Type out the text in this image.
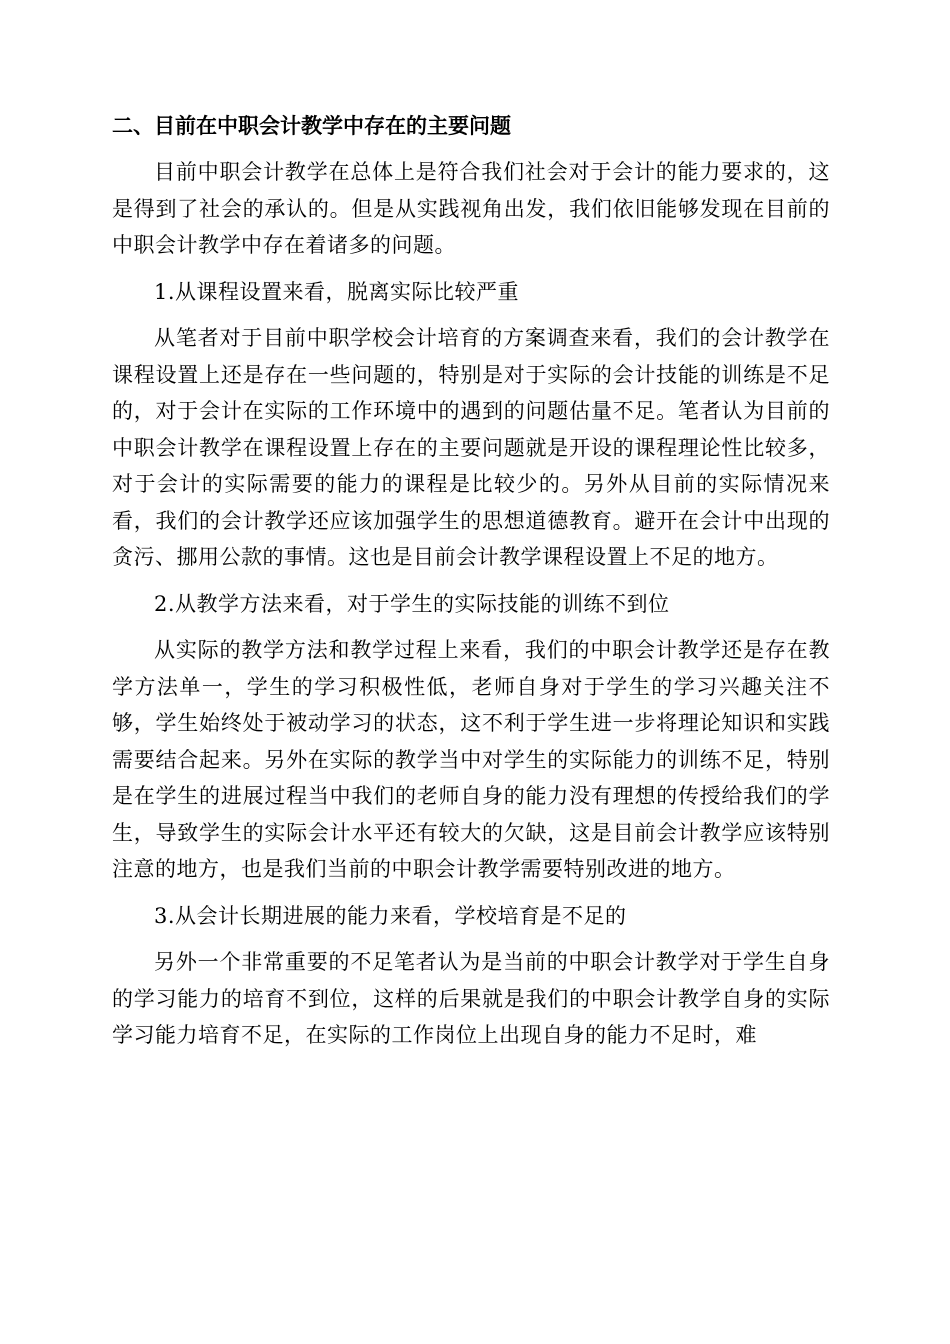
二、目前在中职会计教学中存在的主要问题

目前中职会计教学在总体上是符合我们社会对于会计的能力要求的，这是得到了社会的承认的。但是从实践视角出发，我们依旧能够发现在目前的中职会计教学中存在着诸多的问题。

1.从课程设置来看，脱离实际比较严重

从笔者对于目前中职学校会计培育的方案调查来看，我们的会计教学在课程设置上还是存在一些问题的，特别是对于实际的会计技能的训练是不足的，对于会计在实际的工作环境中的遇到的问题估量不足。笔者认为目前的中职会计教学在课程设置上存在的主要问题就是开设的课程理论性比较多，对于会计的实际需要的能力的课程是比较少的。另外从目前的实际情况来看，我们的会计教学还应该加强学生的思想道德教育。避开在会计中出现的贪污、挪用公款的事情。这也是目前会计教学课程设置上不足的地方。

2.从教学方法来看，对于学生的实际技能的训练不到位

从实际的教学方法和教学过程上来看，我们的中职会计教学还是存在教学方法单一，学生的学习积极性低，老师自身对于学生的学习兴趣关注不够，学生始终处于被动学习的状态，这不利于学生进一步将理论知识和实践需要结合起来。另外在实际的教学当中对学生的实际能力的训练不足，特别是在学生的进展过程当中我们的老师自身的能力没有理想的传授给我们的学生，导致学生的实际会计水平还有较大的欠缺，这是目前会计教学应该特别注意的地方，也是我们当前的中职会计教学需要特别改进的地方。

3.从会计长期进展的能力来看，学校培育是不足的

另外一个非常重要的不足笔者认为是当前的中职会计教学对于学生自身的学习能力的培育不到位，这样的后果就是我们的中职会计教学自身的实际学习能力培育不足，在实际的工作岗位上出现自身的能力不足时，难
